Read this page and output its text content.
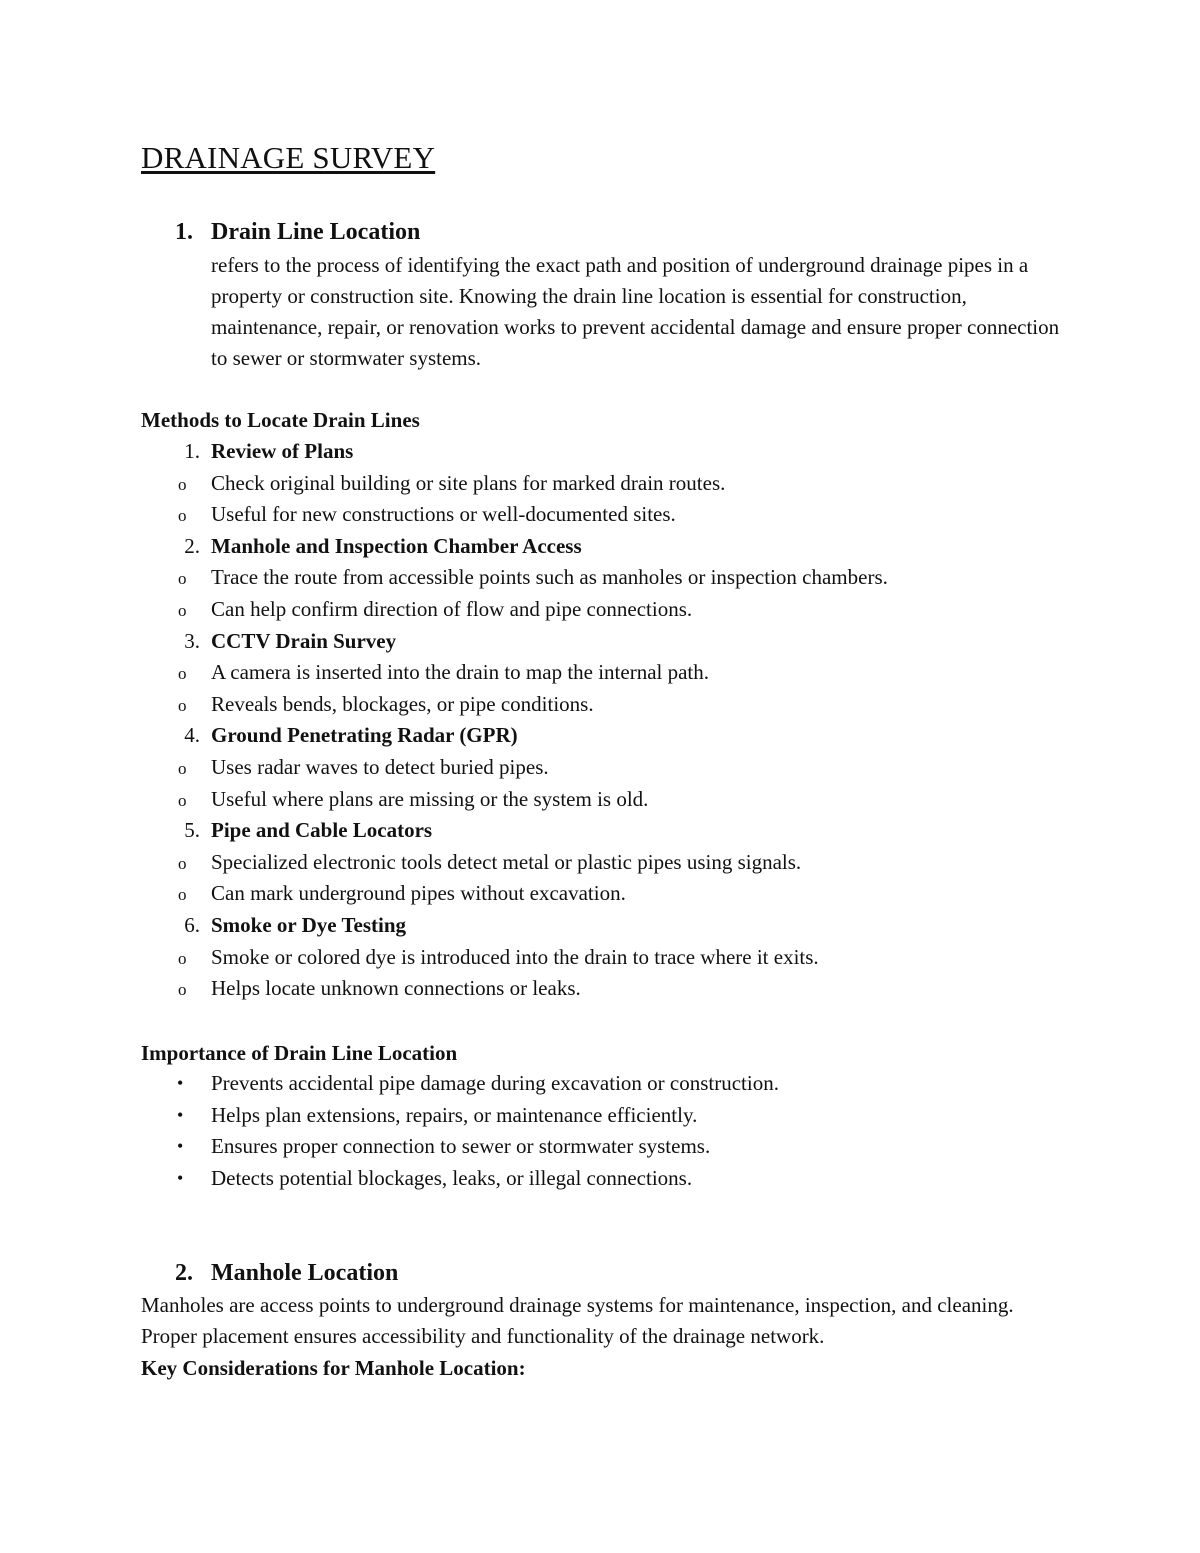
DRAINAGE SURVEY
1. Drain Line Location

refers to the process of identifying the exact path and position of underground drainage pipes in a property or construction site. Knowing the drain line location is essential for construction, maintenance, repair, or renovation works to prevent accidental damage and ensure proper connection to sewer or stormwater systems.

Methods to Locate Drain Lines
1. Review of Plans
o Check original building or site plans for marked drain routes.
o Useful for new constructions or well-documented sites.
2. Manhole and Inspection Chamber Access
o Trace the route from accessible points such as manholes or inspection chambers.
o Can help confirm direction of flow and pipe connections.
3. CCTV Drain Survey
o A camera is inserted into the drain to map the internal path.
o Reveals bends, blockages, or pipe conditions.
4. Ground Penetrating Radar (GPR)
o Uses radar waves to detect buried pipes.
o Useful where plans are missing or the system is old.
5. Pipe and Cable Locators
o Specialized electronic tools detect metal or plastic pipes using signals.
o Can mark underground pipes without excavation.
6. Smoke or Dye Testing
o Smoke or colored dye is introduced into the drain to trace where it exits.
o Helps locate unknown connections or leaks.
Importance of Drain Line Location
• Prevents accidental pipe damage during excavation or construction.
• Helps plan extensions, repairs, or maintenance efficiently.
• Ensures proper connection to sewer or stormwater systems.
• Detects potential blockages, leaks, or illegal connections.
2. Manhole Location

Manholes are access points to underground drainage systems for maintenance, inspection, and cleaning. Proper placement ensures accessibility and functionality of the drainage network.

Key Considerations for Manhole Location:
